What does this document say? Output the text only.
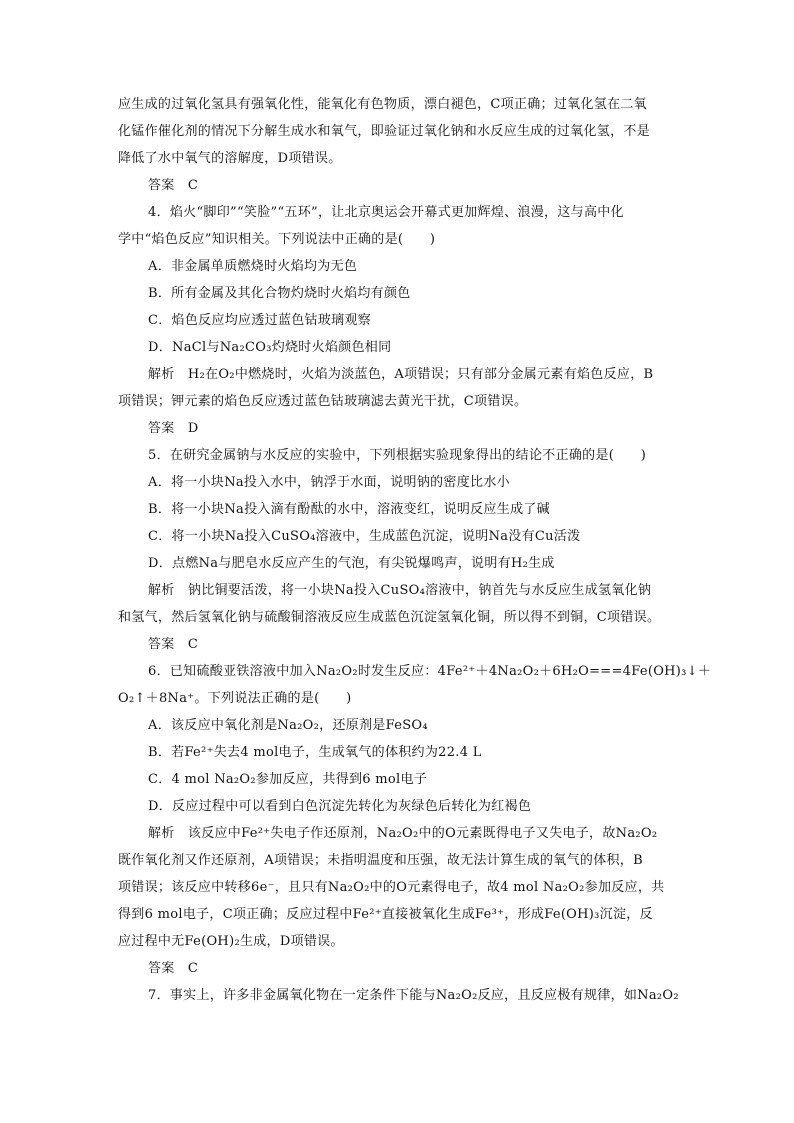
应生成的过氧化氢具有强氧化性，能氧化有色物质，漂白褪色，C项正确；过氧化氢在二氧
化锰作催化剂的情况下分解生成水和氧气，即验证过氧化钠和水反应生成的过氧化氢，不是
降低了水中氧气的溶解度，D项错误。
答案　C
4．焰火“脚印”“笑脸”“五环”，让北京奥运会开幕式更加辉煌、浪漫，这与高中化
学中“焰色反应”知识相关。下列说法中正确的是(　　)
A．非金属单质燃烧时火焰均为无色
B．所有金属及其化合物灼烧时火焰均有颜色
C．焰色反应均应透过蓝色钴玻璃观察
D．NaCl与Na₂CO₃灼烧时火焰颜色相同
解析　H₂在O₂中燃烧时，火焰为淡蓝色，A项错误；只有部分金属元素有焰色反应，B
项错误；钾元素的焰色反应透过蓝色钴玻璃滤去黄光干扰，C项错误。
答案　D
5．在研究金属钠与水反应的实验中，下列根据实验现象得出的结论不正确的是(　　)
A．将一小块Na投入水中，钠浮于水面，说明钠的密度比水小
B．将一小块Na投入滴有酚酞的水中，溶液变红，说明反应生成了碱
C．将一小块Na投入CuSO₄溶液中，生成蓝色沉淀，说明Na没有Cu活泼
D．点燃Na与肥皂水反应产生的气泡，有尖锐爆鸣声，说明有H₂生成
解析　钠比铜要活泼，将一小块Na投入CuSO₄溶液中，钠首先与水反应生成氢氧化钠
和氢气，然后氢氧化钠与硫酸铜溶液反应生成蓝色沉淀氢氧化铜，所以得不到铜，C项错误。
答案　C
6．已知硫酸亚铁溶液中加入Na₂O₂时发生反应：4Fe²⁺＋4Na₂O₂＋6H₂O===4Fe(OH)₃↓＋
O₂↑＋8Na⁺。下列说法正确的是(　　)
A．该反应中氧化剂是Na₂O₂，还原剂是FeSO₄
B．若Fe²⁺失去4 mol电子，生成氧气的体积约为22.4 L
C．4 mol Na₂O₂参加反应，共得到6 mol电子
D．反应过程中可以看到白色沉淀先转化为灰绿色后转化为红褐色
解析　该反应中Fe²⁺失电子作还原剂，Na₂O₂中的O元素既得电子又失电子，故Na₂O₂
既作氧化剂又作还原剂，A项错误；未指明温度和压强，故无法计算生成的氧气的体积，B
项错误；该反应中转移6e⁻，且只有Na₂O₂中的O元素得电子，故4 mol Na₂O₂参加反应，共
得到6 mol电子，C项正确；反应过程中Fe²⁺直接被氧化生成Fe³⁺，形成Fe(OH)₃沉淀，反
应过程中无Fe(OH)₂生成，D项错误。
答案　C
7．事实上，许多非金属氧化物在一定条件下能与Na₂O₂反应，且反应极有规律，如Na₂O₂
